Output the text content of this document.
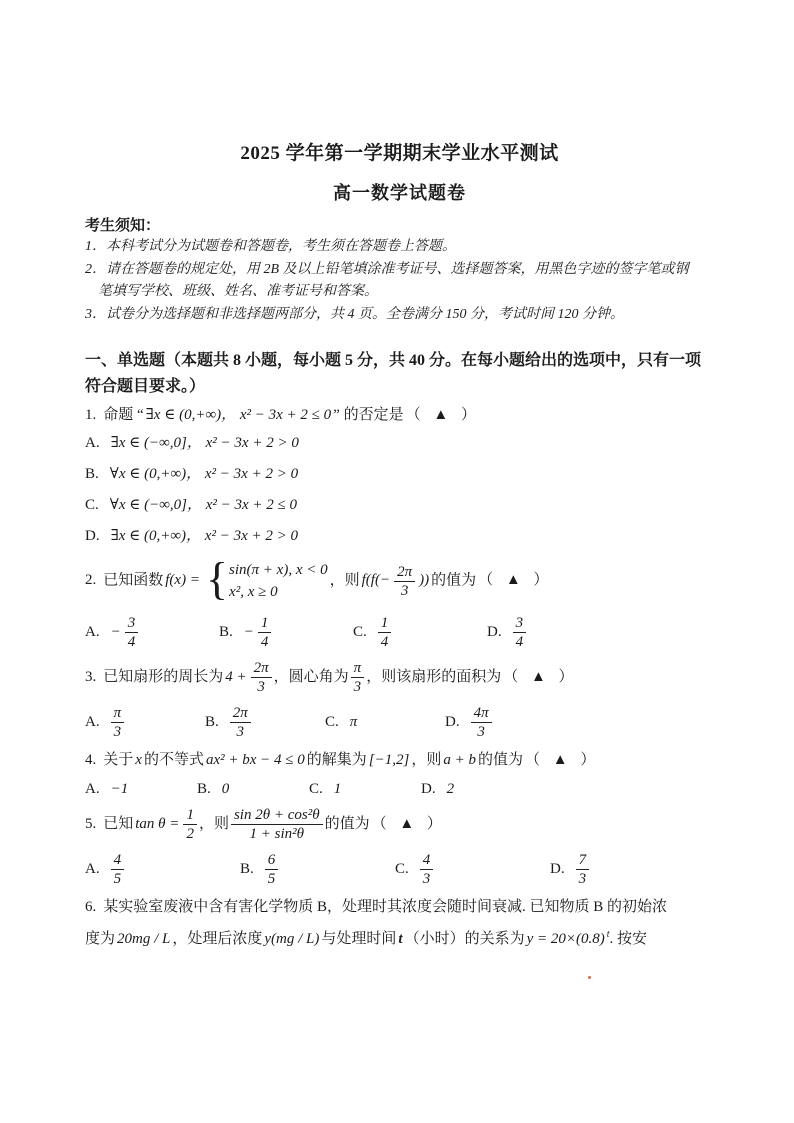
2025 学年第一学期期末学业水平测试
高一数学试题卷
考生须知：
1．本科考试分为试题卷和答题卷，考生须在答题卷上答题。
2．请在答题卷的规定处，用 2B 及以上铅笔填涂准考证号、选择题答案，用黑色字迹的签字笔或钢
笔填写学校、班级、姓名、准考证号和答案。
3．试卷分为选择题和非选择题两部分，共 4 页。全卷满分 150 分，考试时间 120 分钟。
一、单选题（本题共 8 小题，每小题 5 分，共 40 分。在每小题给出的选项中，只有一项
符合题目要求。）
1. 命题 “ ∃x ∈ (0,+∞)， x² − 3x + 2 ≤ 0 ” 的否定是 （ ▲ ）
A. ∃x ∈ (−∞,0]， x² − 3x + 2 > 0
B. ∀x ∈ (0,+∞)， x² − 3x + 2 > 0
C. ∀x ∈ (−∞,0]， x² − 3x + 2 ≤ 0
D. ∃x ∈ (0,+∞)， x² − 3x + 2 > 0
2. 已知函数 f(x) = { sin(π + x), x < 0
x², x ≥ 0
，则 $f(f(- \frac{2\pi}{3}$ )) 的值为 （ ▲ ）
A. − $\frac{3}{4}$	B. − $\frac{1}{4}$	C. $\frac{1}{4}$	D. $\frac{3}{4}$
3. 已知扇形的周长为 $4 + \frac{2\pi}{3}$ ，圆心角为 $\frac{\pi}{3}$ ，则该扇形的面积为 （ ▲ ）
A. $\frac{\pi}{3}$	B. $\frac{2\pi}{3}$	C. π	D. $\frac{4\pi}{3}$
4. 关于 x 的不等式 ax² + bx − 4 ≤ 0 的解集为 [−1,2] ，则 a + b 的值为 （ ▲ ）
A. −1	B. 0	C. 1	D. 2
5. 已知 $\tan \theta = \frac{1}{2}$ ，则 $\frac{\text{sin 2θ + cos²θ}}{\text{1 + sin²θ}}$ 的值为 （ ▲ ）
A. $\frac{4}{5}$	B. $\frac{6}{5}$	C. $\frac{4}{3}$	D. $\frac{7}{3}$
6. 某实验室废液中含有害化学物质 B，处理时其浓度会随时间衰减. 已知物质 B 的初始浓
度为 20mg / L ，处理后浓度 y(mg / L) 与处理时间 t （小时）的关系为 y = 20×(0.8) $^t$. 按安
